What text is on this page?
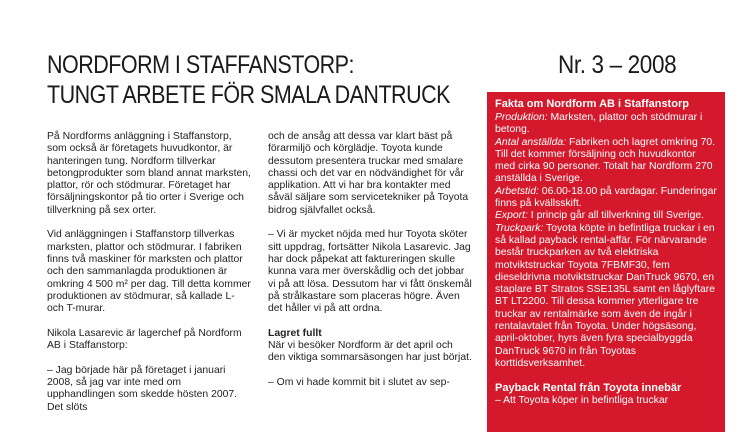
NORDFORM I STAFFANSTORP:
TUNGT ARBETE FÖR SMALA DANTRUCK
Nr. 3 – 2008

På Nordforms anläggning i Staffanstorp, som också är företagets huvudkontor, är hanteringen tung. Nordform tillverkar betongprodukter som bland annat marksten, plattor, rör och stödmurar. Företaget har försäljningskontor på tio orter i Sverige och tillverkning på sex orter.

Vid anläggningen i Staffanstorp tillverkas marksten, plattor och stödmurar. I fabriken finns två maskiner för marksten och plattor och den sammanlagda produktionen är omkring 4 500 m² per dag. Till detta kommer produktionen av stödmurar, så kallade L- och T-murar.

Nikola Lasarevic är lagerchef på Nordform AB i Staffanstorp:

– Jag började här på företaget i januari 2008, så jag var inte med om upphandlingen som skedde hösten 2007. Det slöts

och de ansåg att dessa var klart bäst på förarmiljö och körglädje. Toyota kunde dessutom presentera truckar med smalare chassi och det var en nödvändighet för vår applikation. Att vi har bra kontakter med såväl säljare som servicetekniker på Toyota bidrog självfallet också.

– Vi är mycket nöjda med hur Toyota sköter sitt uppdrag, fortsätter Nikola Lasarevic. Jag har dock påpekat att faktureringen skulle kunna vara mer överskådlig och det jobbar vi på att lösa. Dessutom har vi fått önskemål på strålkastare som placeras högre. Även det håller vi på att ordna.

Lagret fullt

När vi besöker Nordform är det april och den viktiga sommarsäsongen har just börjat.

– Om vi hade kommit bit i slutet av sep-

Fakta om Nordform AB i Staffanstorp

Produktion: Marksten, plattor och stödmurar i betong.

Antal anställda: Fabriken och lagret omkring 70. Till det kommer försäljning och huvudkontor med cirka 90 personer. Totalt har Nordform 270 anställda i Sverige.

Arbetstid: 06.00-18.00 på vardagar. Funderingar finns på kvällsskift.

Export: I princip går all tillverkning till Sverige.

Truckpark: Toyota köpte in befintliga truckar i en så kallad payback rental-affär. För närvarande består truckparken av två elektriska motviktstruckar Toyota 7FBMF30, fem dieseldrivna motviktstruckar DanTruck 9670, en staplare BT Stratos SSE135L samt en låglyftare BT LT2200. Till dessa kommer ytterligare tre truckar av rentalmärke som även de ingår i rentalavtalet från Toyota. Under högsäsong, april-oktober, hyrs även fyra specialbyggda DanTruck 9670 in från Toyotas korttidsverksamhet.

Payback Rental från Toyota innebär

– Att Toyota köper in befintliga truckar
